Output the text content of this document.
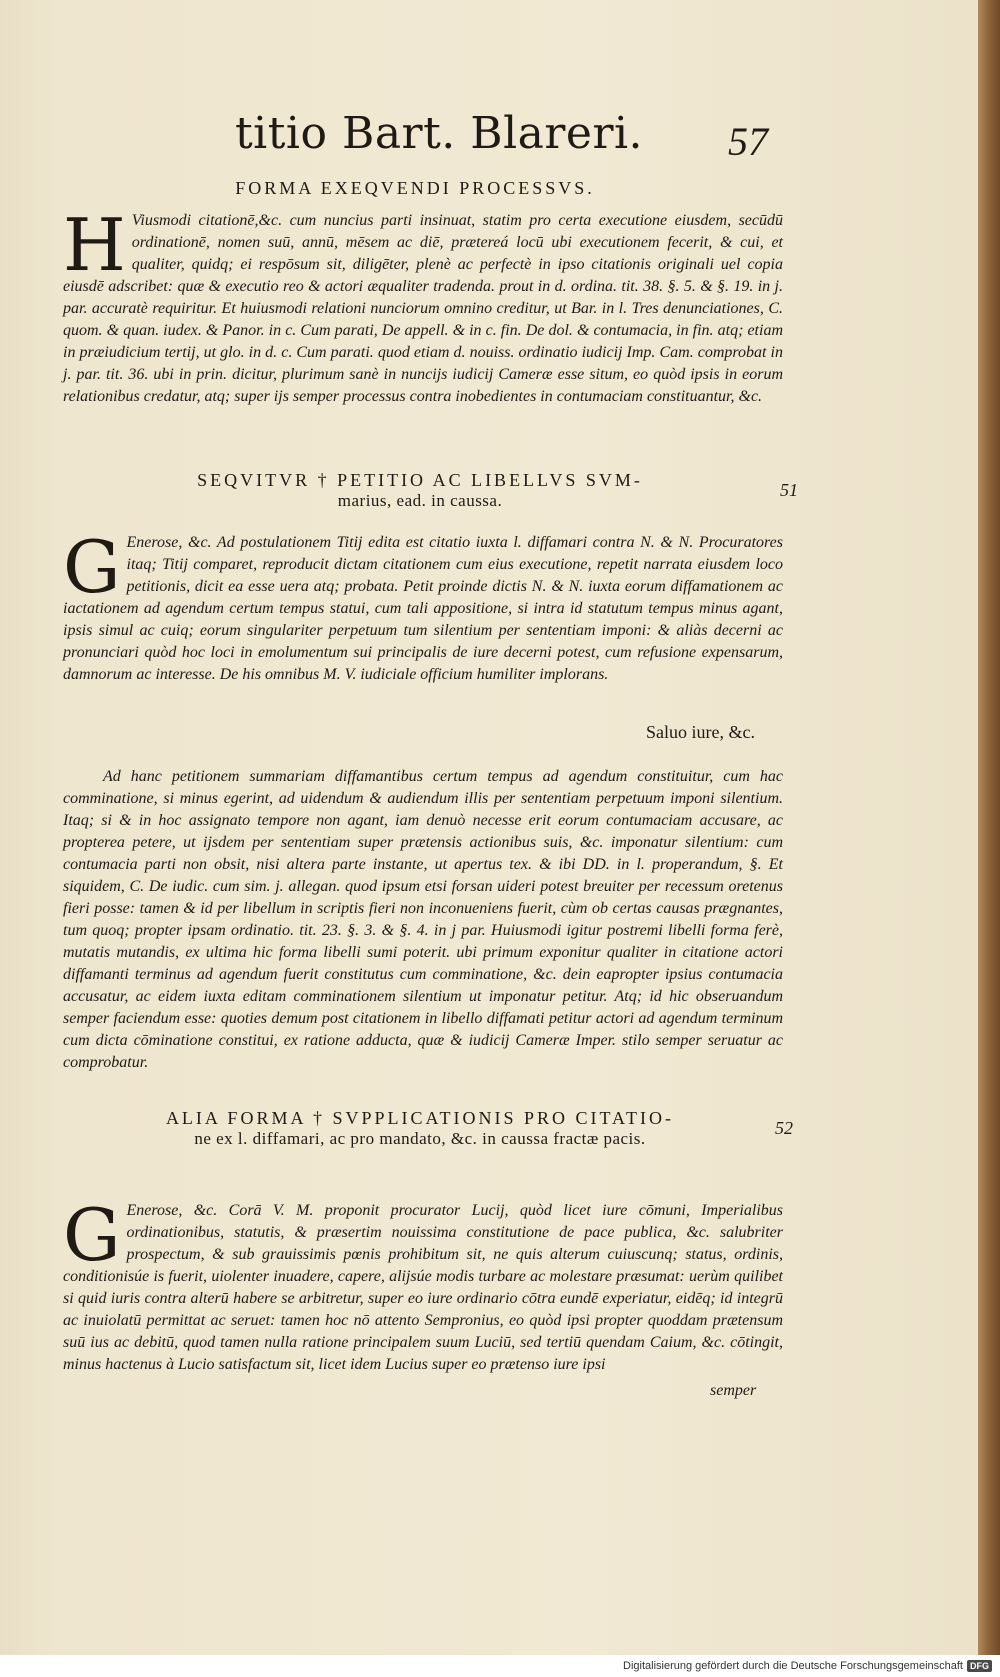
titio Bart. Blareri. 57
FORMA EXEQVENDI PROCESSVS.
H Viusmodi citationē,&c. cum nuncius parti insinuat, statim pro certa executione eiusdem, secūdū ordinationē, nomen suū, annū, mēsem ac diē, prætereá locū ubi executionem fecerit, & cui, et qualiter, quidq; ei respōsum sit, diligēter, plenè ac perfectè in ipso citationis originali uel copia eiusdē adscribet: quæ & executio reo & actori æqualiter tradenda. prout in d. ordina. tit. 38. §. 5. & §. 19. in j. par. accuratè requiritur. Et huiusmodi relationi nunciorum omnino creditur, ut Bar. in l. Tres denunciationes, C. quom. & quan. iudex. & Panor. in c. Cum parati, De appell. & in c. fin. De dol. & contumacia, in fin. atq; etiam in præiudicium tertij, ut glo. in d. c. Cum parati. quod etiam d. nouiss. ordinatio iudicij Imp. Cam. comprobat in j. par. tit. 36. ubi in prin. dicitur, plurimum sanè in nuncijs iudicij Cameræ esse situm, eo quòd ipsis in eorum relationibus credatur, atq; super ijs semper processus contra inobedientes in contumaciam constituantur, &c.

SEQVITVR † PETITIO AC LIBELLVS SVM-
marius, ead. in caussa.
51
G Enerose, &c. Ad postulationem Titij edita est citatio iuxta l. diffamari contra N. & N. Procuratores itaq; Titij comparet, reproducit dictam citationem cum eius executione, repetit narrata eiusdem loco petitionis, dicit ea esse uera atq; probata. Petit proinde dictis N. & N. iuxta eorum diffamationem ac iactationem ad agendum certum tempus statui, cum tali appositione, si intra id statutum tempus minus agant, ipsis simul ac cuiq; eorum singulariter perpetuum tum silentium per sententiam imponi: & aliàs decerni ac pronunciari quòd hoc loci in emolumentum sui principalis de iure decerni potest, cum refusione expensarum, damnorum ac interesse. De his omnibus M. V. iudiciale officium humiliter implorans.

Saluo iure, &c.

Ad hanc petitionem summariam diffamantibus certum tempus ad agendum constituitur, cum hac comminatione, si minus egerint, ad uidendum & audiendum illis per sententiam perpetuum imponi silentium. Itaq; si & in hoc assignato tempore non agant, iam denuò necesse erit eorum contumaciam accusare, ac propterea petere, ut ijsdem per sententiam super prætensis actionibus suis, &c. imponatur silentium: cum contumacia parti non obsit, nisi altera parte instante, ut apertus tex. & ibi DD. in l. properandum, §. Et siquidem, C. De iudic. cum sim. j. allegan. quod ipsum etsi forsan uideri potest breuiter per recessum oretenus fieri posse: tamen & id per libellum in scriptis fieri non inconueniens fuerit, cùm ob certas causas prægnantes, tum quoq; propter ipsam ordinatio. tit. 23. §. 3. & §. 4. in j par. Huiusmodi igitur postremi libelli forma ferè, mutatis mutandis, ex ultima hic forma libelli sumi poterit. ubi primum exponitur qualiter in citatione actori diffamanti terminus ad agendum fuerit constitutus cum comminatione, &c. dein eapropter ipsius contumacia accusatur, ac eidem iuxta editam comminationem silentium ut imponatur petitur. Atq; id hic obseruandum semper faciendum esse: quoties demum post citationem in libello diffamati petitur actori ad agendum terminum cum dicta cōminatione constitui, ex ratione adducta, quæ & iudicij Cameræ Imper. stilo semper seruatur ac comprobatur.

ALIA FORMA † SVPPLICATIONIS PRO CITATIO-
ne ex l. diffamari, ac pro mandato, &c. in caussa fractæ pacis.
52
G Enerose, &c. Corā V. M. proponit procurator Lucij, quòd licet iure cōmuni, Imperialibus ordinationibus, statutis, & præsertim nouissima constitutione de pace publica, &c. salubriter prospectum, & sub grauissimis pœnis prohibitum sit, ne quis alterum cuiuscunq; status, ordinis, conditionisúe is fuerit, uiolenter inuadere, capere, alijsúe modis turbare ac molestare præsumat: uerùm quilibet si quid iuris contra alterū habere se arbitretur, super eo iure ordinario cōtra eundē experiatur, eidēq; id integrū ac inuiolatū permittat ac seruet: tamen hoc nō attento Sempronius, eo quòd ipsi propter quoddam prætensum suū ius ac debitū, quod tamen nulla ratione principalem suum Luciū, sed tertiū quendam Caium, &c. cōtingit, minus hactenus à Lucio satisfactum sit, licet idem Lucius super eo prætenso iure ipsi

semper
Digitalisierung gefördert durch die Deutsche Forschungsgemeinschaft DFG
